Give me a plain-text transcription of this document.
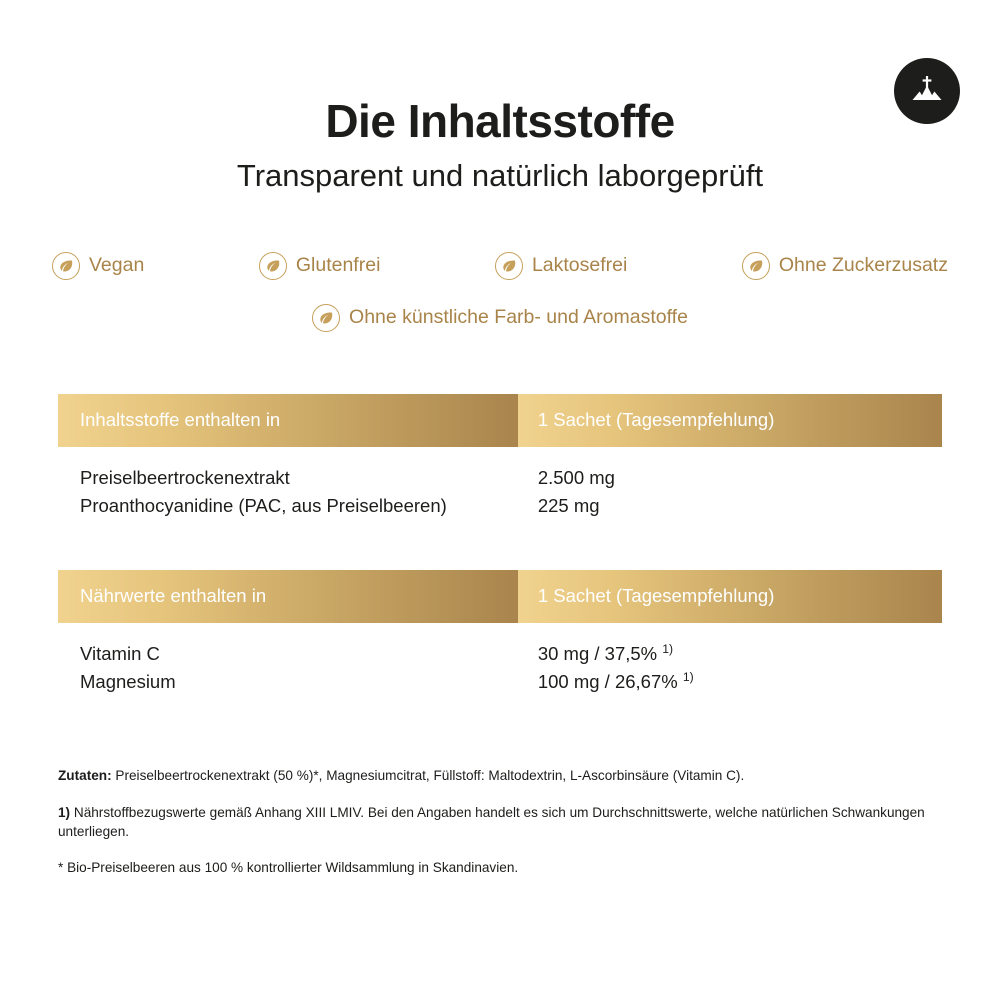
Die Inhaltsstoffe

Transparent und natürlich laborgeprüft

Vegan	Glutenfrei	Laktosefrei	Ohne Zuckerzusatz
Ohne künstliche Farb- und Aromastoffe
Inhaltsstoffe enthalten in	1 Sachet (Tagesempfehlung)
Preiselbeertrockenextrakt	2.500 mg
Proanthocyanidine (PAC, aus Preiselbeeren)	225 mg
Nährwerte enthalten in	1 Sachet (Tagesempfehlung)
Vitamin C	30 mg / 37,5% $^{1)}$
Magnesium	100 mg / 26,67% $^{1)}$

Zutaten: Preiselbeertrockenextrakt (50 %)*, Magnesiumcitrat, Füllstoff: Maltodextrin, L-Ascorbinsäure (Vitamin C).

1) Nährstoffbezugswerte gemäß Anhang XIII LMIV. Bei den Angaben handelt es sich um Durchschnittswerte, welche natürlichen Schwankungen unterliegen.

* Bio-Preiselbeeren aus 100 % kontrollierter Wildsammlung in Skandinavien.
